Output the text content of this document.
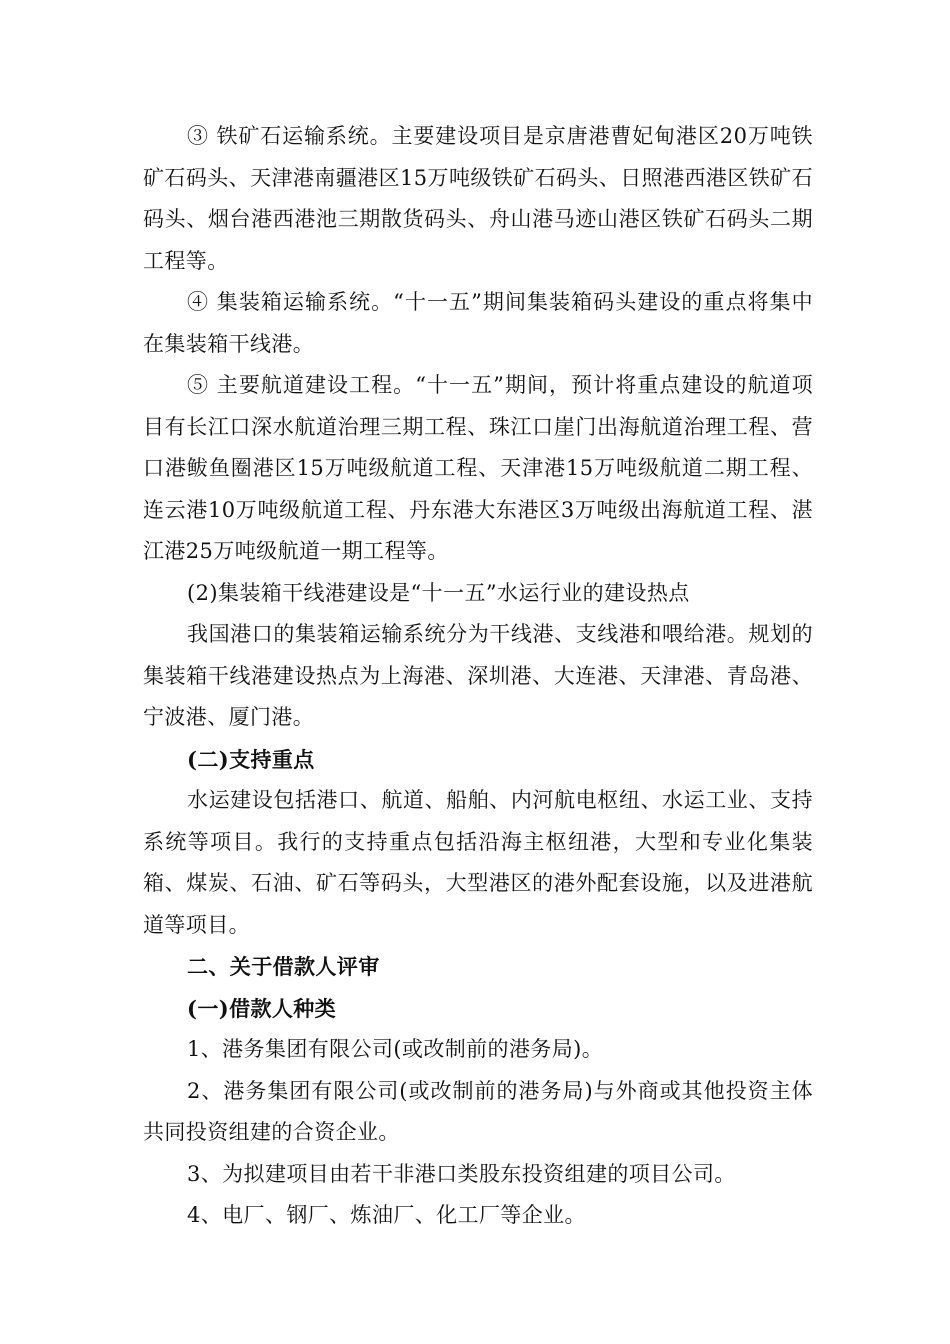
③ 铁矿石运输系统。主要建设项目是京唐港曹妃甸港区20万吨铁矿石码头、天津港南疆港区15万吨级铁矿石码头、日照港西港区铁矿石码头、烟台港西港池三期散货码头、舟山港马迹山港区铁矿石码头二期工程等。

④ 集装箱运输系统。“十一五”期间集装箱码头建设的重点将集中在集装箱干线港。

⑤ 主要航道建设工程。“十一五”期间，预计将重点建设的航道项目有长江口深水航道治理三期工程、珠江口崖门出海航道治理工程、营口港鲅鱼圈港区15万吨级航道工程、天津港15万吨级航道二期工程、连云港10万吨级航道工程、丹东港大东港区3万吨级出海航道工程、湛江港25万吨级航道一期工程等。

(2)集装箱干线港建设是“十一五”水运行业的建设热点

我国港口的集装箱运输系统分为干线港、支线港和喂给港。规划的集装箱干线港建设热点为上海港、深圳港、大连港、天津港、青岛港、宁波港、厦门港。

(二)支持重点

水运建设包括港口、航道、船舶、内河航电枢纽、水运工业、支持系统等项目。我行的支持重点包括沿海主枢纽港，大型和专业化集装箱、煤炭、石油、矿石等码头，大型港区的港外配套设施，以及进港航道等项目。

二、关于借款人评审

(一)借款人种类

1、港务集团有限公司(或改制前的港务局)。

2、港务集团有限公司(或改制前的港务局)与外商或其他投资主体共同投资组建的合资企业。

3、为拟建项目由若干非港口类股东投资组建的项目公司。

4、电厂、钢厂、炼油厂、化工厂等企业。
